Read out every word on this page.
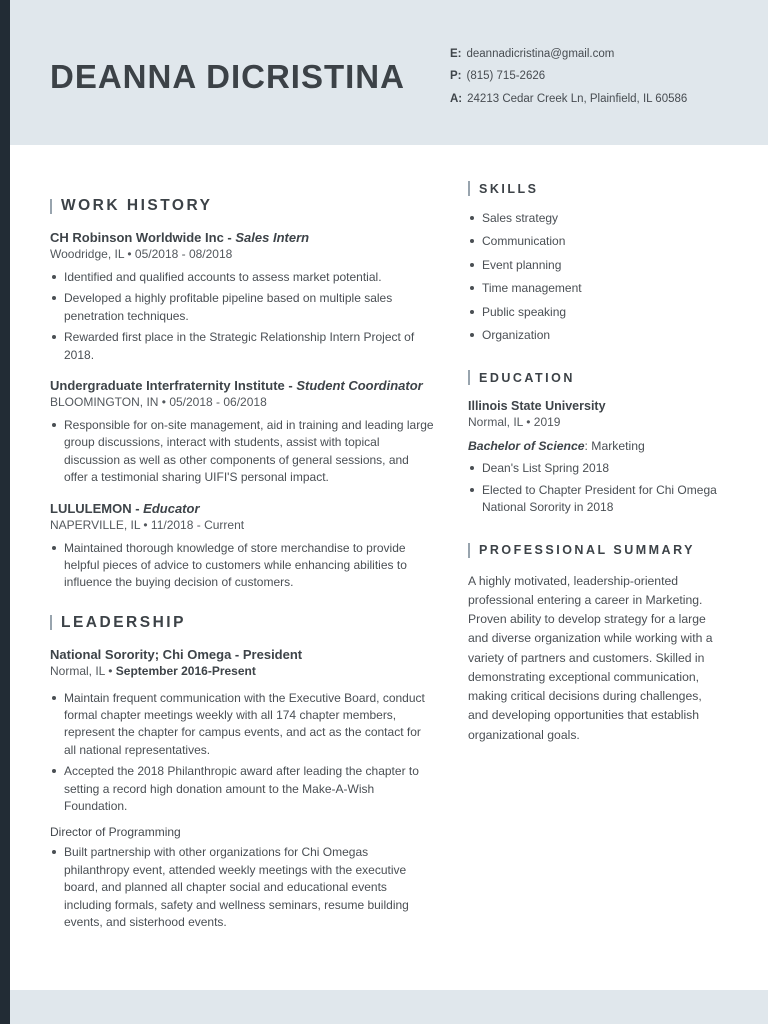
DEANNA DICRISTINA
E: deannadicristina@gmail.com
P: (815) 715-2626
A: 24213 Cedar Creek Ln, Plainfield, IL 60586
WORK HISTORY
CH Robinson Worldwide Inc - Sales Intern
Woodridge, IL • 05/2018 - 08/2018
Identified and qualified accounts to assess market potential.
Developed a highly profitable pipeline based on multiple sales penetration techniques.
Rewarded first place in the Strategic Relationship Intern Project of 2018.
Undergraduate Interfraternity Institute - Student Coordinator
BLOOMINGTON, IN • 05/2018 - 06/2018
Responsible for on-site management, aid in training and leading large group discussions, interact with students, assist with topical discussion as well as other components of general sessions, and offer a testimonial sharing UIFI'S personal impact.
LULULEMON - Educator
NAPERVILLE, IL • 11/2018 - Current
Maintained thorough knowledge of store merchandise to provide helpful pieces of advice to customers while enhancing abilities to influence the buying decision of customers.
LEADERSHIP
National Sorority; Chi Omega - President
Normal, IL • September 2016-Present
Maintain frequent communication with the Executive Board, conduct formal chapter meetings weekly with all 174 chapter members, represent the chapter for campus events, and act as the contact for all national representatives.
Accepted the 2018 Philanthropic award after leading the chapter to setting a record high donation amount to the Make-A-Wish Foundation.
Director of Programming
Built partnership with other organizations for Chi Omegas philanthropy event, attended weekly meetings with the executive board, and planned all chapter social and educational events including formals, safety and wellness seminars, resume building events, and sisterhood events.
SKILLS
Sales strategy
Communication
Event planning
Time management
Public speaking
Organization
EDUCATION
Illinois State University
Normal, IL • 2019
Bachelor of Science: Marketing
Dean's List Spring 2018
Elected to Chapter President for Chi Omega National Sorority in 2018
PROFESSIONAL SUMMARY

A highly motivated, leadership-oriented professional entering a career in Marketing. Proven ability to develop strategy for a large and diverse organization while working with a variety of partners and customers. Skilled in demonstrating exceptional communication, making critical decisions during challenges, and developing opportunities that establish organizational goals.
